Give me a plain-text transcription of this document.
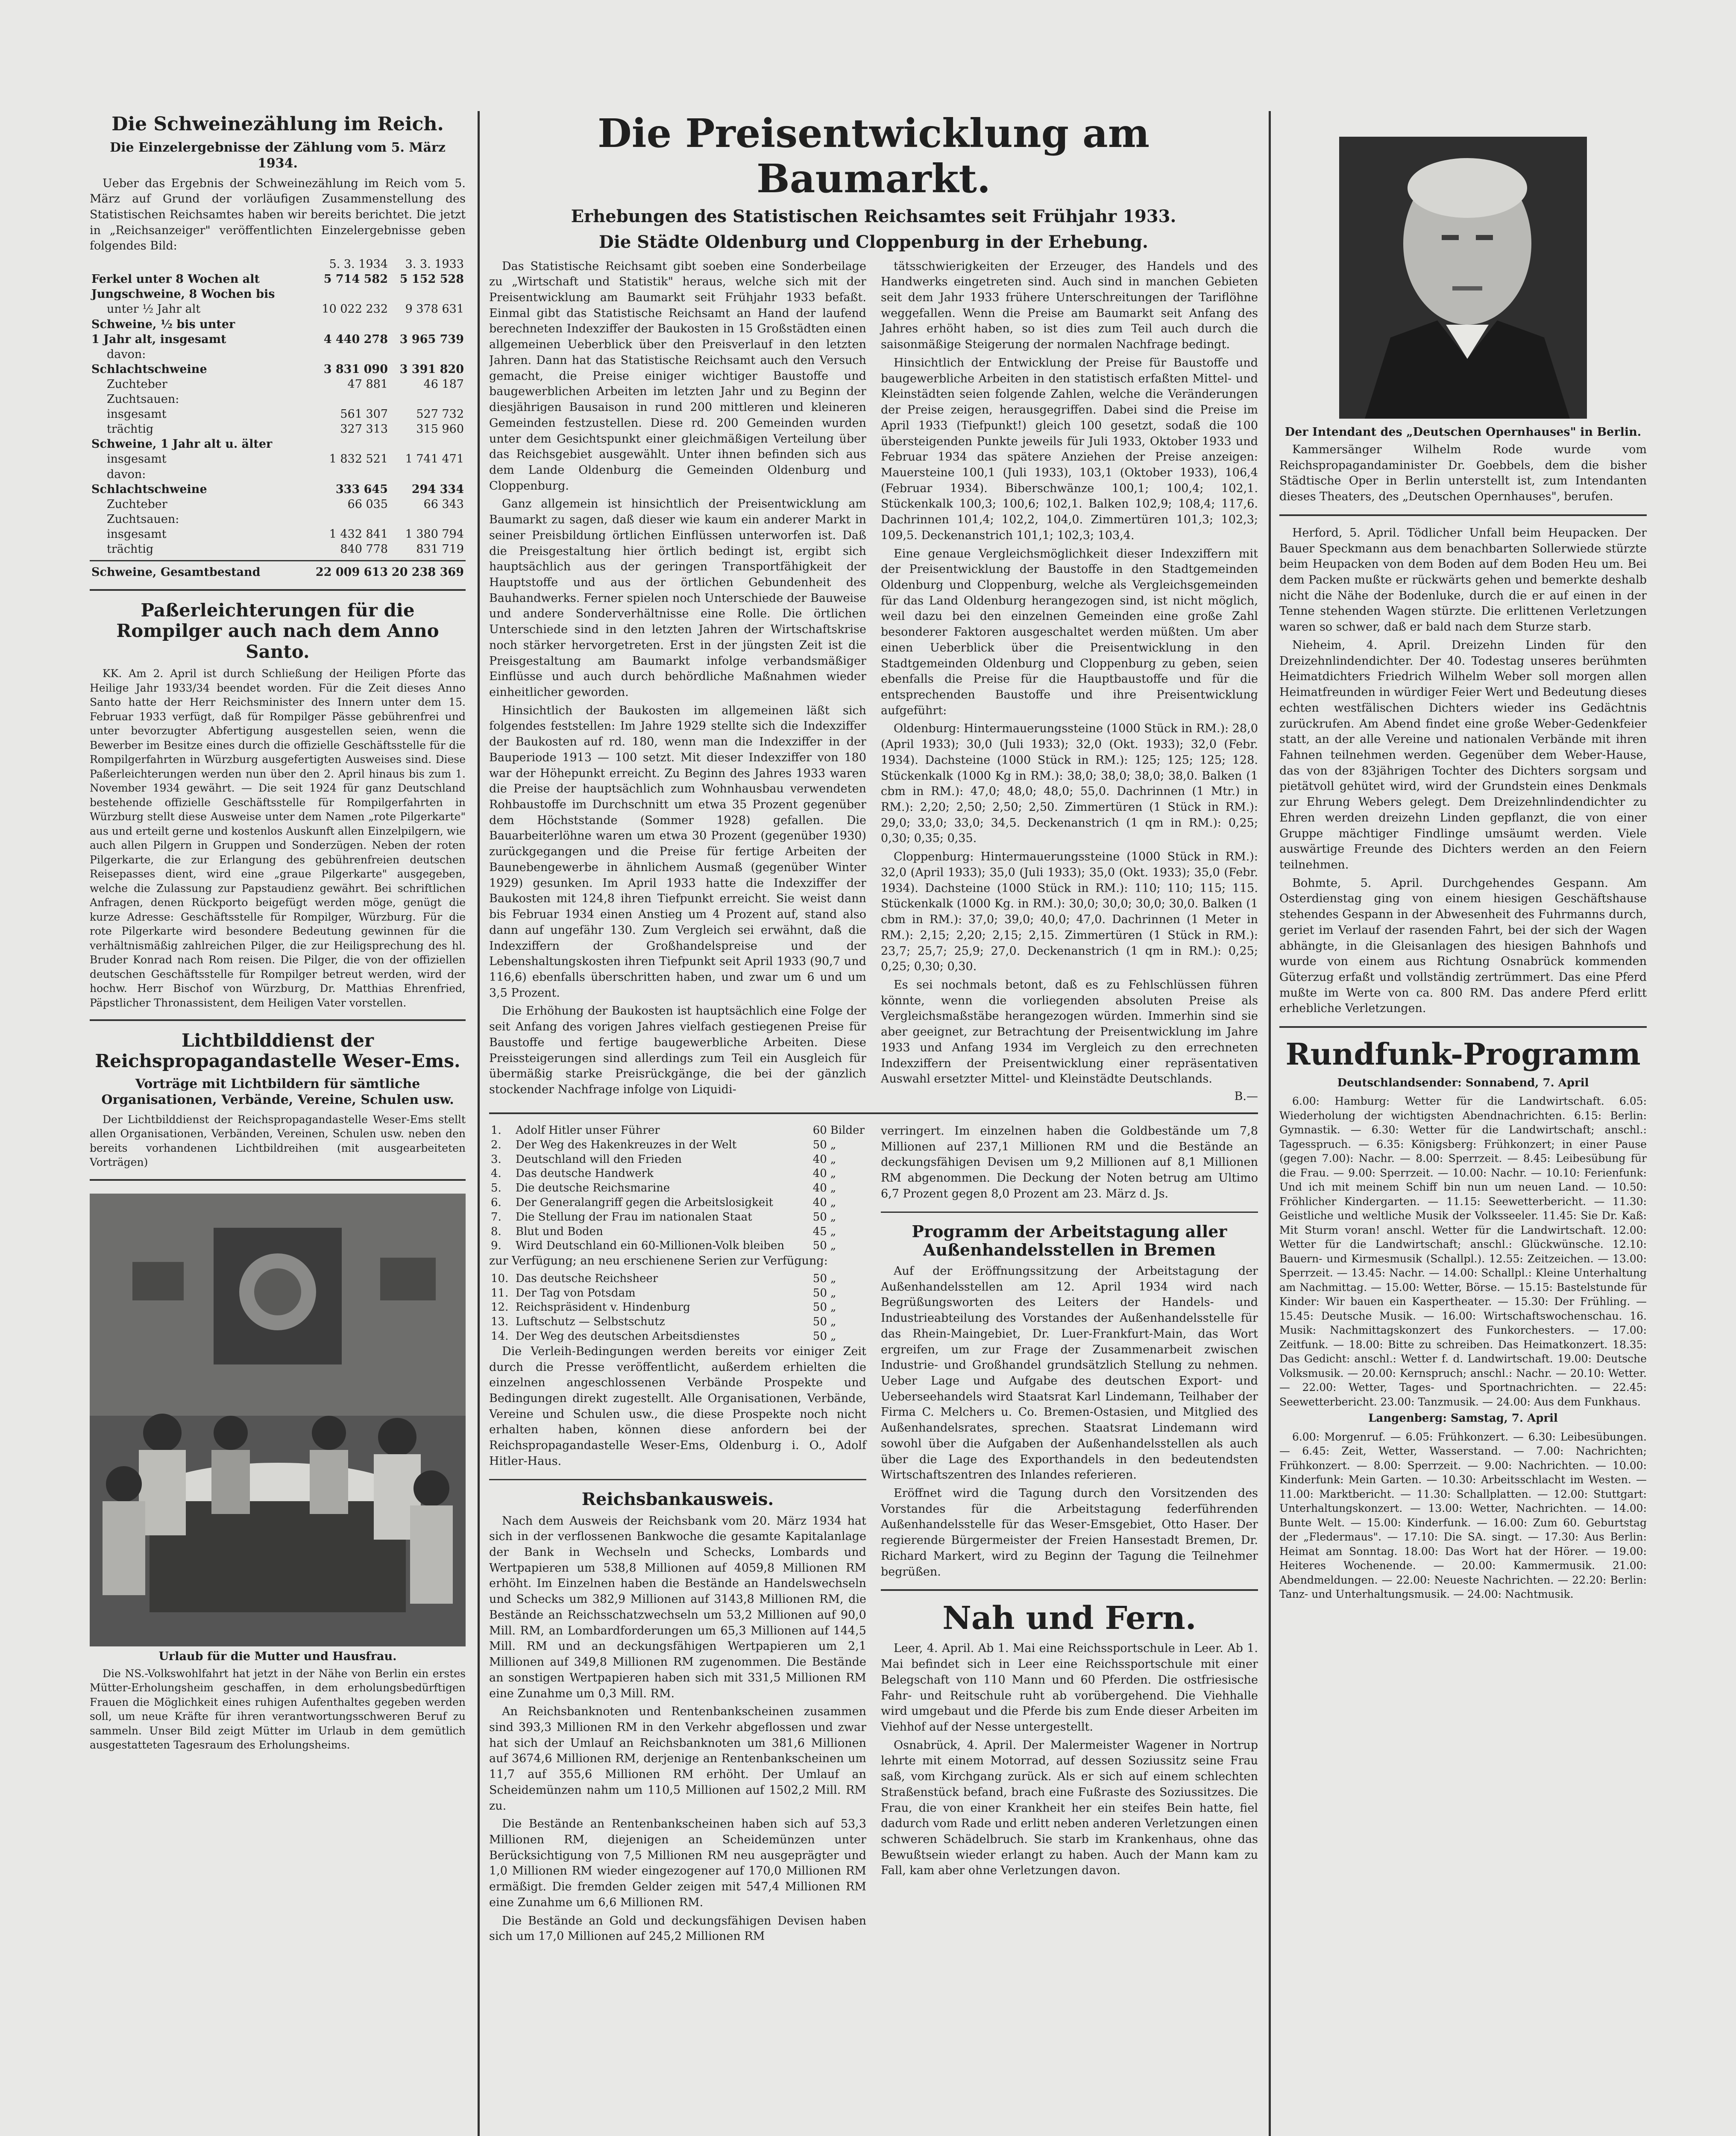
Die Schweinezählung im Reich.
Die Einzelergebnisse der Zählung vom 5. März 1934.

Ueber das Ergebnis der Schweinezählung im Reich vom 5. März auf Grund der vorläufigen Zusammenstellung des Statistischen Reichsamtes haben wir bereits berichtet. Die jetzt in „Reichsanzeiger" veröffentlichten Einzelergebnisse geben folgendes Bild:

	5. 3. 1934	3. 3. 1933
Ferkel unter 8 Wochen alt	5 714 582	5 152 528
Jungschweine, 8 Wochen bis		
unter ½ Jahr alt	10 022 232	9 378 631
Schweine, ½ bis unter		
1 Jahr alt, insgesamt	4 440 278	3 965 739
davon:		
Schlachtschweine	3 831 090	3 391 820
Zuchteber	47 881	46 187
Zuchtsauen:		
insgesamt	561 307	527 732
trächtig	327 313	315 960
Schweine, 1 Jahr alt u. älter		
insgesamt	1 832 521	1 741 471
davon:		
Schlachtschweine	333 645	294 334
Zuchteber	66 035	66 343
Zuchtsauen:		
insgesamt	1 432 841	1 380 794
trächtig	840 778	831 719
Schweine, Gesamtbestand	22 009 613	20 238 369
Paßerleichterungen für die Rompilger auch nach dem Anno Santo.

KK. Am 2. April ist durch Schließung der Heiligen Pforte das Heilige Jahr 1933/34 beendet worden. Für die Zeit dieses Anno Santo hatte der Herr Reichsminister des Innern unter dem 15. Februar 1933 verfügt, daß für Rompilger Pässe gebührenfrei und unter bevorzugter Abfertigung ausgestellen seien, wenn die Bewerber im Besitze eines durch die offizielle Geschäftsstelle für die Rompilgerfahrten in Würzburg ausgefertigten Ausweises sind. Diese Paßerleichterungen werden nun über den 2. April hinaus bis zum 1. November 1934 gewährt. — Die seit 1924 für ganz Deutschland bestehende offizielle Geschäftsstelle für Rompilgerfahrten in Würzburg stellt diese Ausweise unter dem Namen „rote Pilgerkarte" aus und erteilt gerne und kostenlos Auskunft allen Einzelpilgern, wie auch allen Pilgern in Gruppen und Sonderzügen. Neben der roten Pilgerkarte, die zur Erlangung des gebührenfreien deutschen Reisepasses dient, wird eine „graue Pilgerkarte" ausgegeben, welche die Zulassung zur Papstaudienz gewährt. Bei schriftlichen Anfragen, denen Rückporto beigefügt werden möge, genügt die kurze Adresse: Geschäftsstelle für Rompilger, Würzburg. Für die rote Pilgerkarte wird besondere Bedeutung gewinnen für die verhältnismäßig zahlreichen Pilger, die zur Heiligsprechung des hl. Bruder Konrad nach Rom reisen. Die Pilger, die von der offiziellen deutschen Geschäftsstelle für Rompilger betreut werden, wird der hochw. Herr Bischof von Würzburg, Dr. Matthias Ehrenfried, Päpstlicher Thronassistent, dem Heiligen Vater vorstellen.

Lichtbilddienst der Reichspropagandastelle Weser-Ems.
Vorträge mit Lichtbildern für sämtliche Organisationen, Verbände, Vereine, Schulen usw.

Der Lichtbilddienst der Reichspropagandastelle Weser-Ems stellt allen Organisationen, Verbänden, Vereinen, Schulen usw. neben den bereits vorhandenen Lichtbildreihen (mit ausgearbeiteten Vorträgen)

Urlaub für die Mutter und Hausfrau.

Die NS.-Volkswohlfahrt hat jetzt in der Nähe von Berlin ein erstes Mütter-Erholungsheim geschaffen, in dem erholungsbedürftigen Frauen die Möglichkeit eines ruhigen Aufenthaltes gegeben werden soll, um neue Kräfte für ihren verantwortungsschweren Beruf zu sammeln. Unser Bild zeigt Mütter im Urlaub in dem gemütlich ausgestatteten Tagesraum des Erholungsheims.

Die Preisentwicklung am Baumarkt.
Erhebungen des Statistischen Reichsamtes seit Frühjahr 1933.
Die Städte Oldenburg und Cloppenburg in der Erhebung.

Das Statistische Reichsamt gibt soeben eine Sonderbeilage zu „Wirtschaft und Statistik" heraus, welche sich mit der Preisentwicklung am Baumarkt seit Frühjahr 1933 befaßt. Einmal gibt das Statistische Reichsamt an Hand der laufend berechneten Indexziffer der Baukosten in 15 Großstädten einen allgemeinen Ueberblick über den Preisverlauf in den letzten Jahren. Dann hat das Statistische Reichsamt auch den Versuch gemacht, die Preise einiger wichtiger Baustoffe und baugewerblichen Arbeiten im letzten Jahr und zu Beginn der diesjährigen Bausaison in rund 200 mittleren und kleineren Gemeinden festzustellen. Diese rd. 200 Gemeinden wurden unter dem Gesichtspunkt einer gleichmäßigen Verteilung über das Reichsgebiet ausgewählt. Unter ihnen befinden sich aus dem Lande Oldenburg die Gemeinden Oldenburg und Cloppenburg.

Ganz allgemein ist hinsichtlich der Preisentwicklung am Baumarkt zu sagen, daß dieser wie kaum ein anderer Markt in seiner Preisbildung örtlichen Einflüssen unterworfen ist. Daß die Preisgestaltung hier örtlich bedingt ist, ergibt sich hauptsächlich aus der geringen Transportfähigkeit der Hauptstoffe und aus der örtlichen Gebundenheit des Bauhandwerks. Ferner spielen noch Unterschiede der Bauweise und andere Sonderverhältnisse eine Rolle. Die örtlichen Unterschiede sind in den letzten Jahren der Wirtschaftskrise noch stärker hervorgetreten. Erst in der jüngsten Zeit ist die Preisgestaltung am Baumarkt infolge verbandsmäßiger Einflüsse und auch durch behördliche Maßnahmen wieder einheitlicher geworden.

Hinsichtlich der Baukosten im allgemeinen läßt sich folgendes feststellen: Im Jahre 1929 stellte sich die Indexziffer der Baukosten auf rd. 180, wenn man die Indexziffer in der Bauperiode 1913 — 100 setzt. Mit dieser Indexziffer von 180 war der Höhepunkt erreicht. Zu Beginn des Jahres 1933 waren die Preise der hauptsächlich zum Wohnhausbau verwendeten Rohbaustoffe im Durchschnitt um etwa 35 Prozent gegenüber dem Höchststande (Sommer 1928) gefallen. Die Bauarbeiterlöhne waren um etwa 30 Prozent (gegenüber 1930) zurückgegangen und die Preise für fertige Arbeiten der Baunebengewerbe in ähnlichem Ausmaß (gegenüber Winter 1929) gesunken. Im April 1933 hatte die Indexziffer der Baukosten mit 124,8 ihren Tiefpunkt erreicht. Sie weist dann bis Februar 1934 einen Anstieg um 4 Prozent auf, stand also dann auf ungefähr 130. Zum Vergleich sei erwähnt, daß die Indexziffern der Großhandelspreise und der Lebenshaltungskosten ihren Tiefpunkt seit April 1933 (90,7 und 116,6) ebenfalls überschritten haben, und zwar um 6 und um 3,5 Prozent.

Die Erhöhung der Baukosten ist hauptsächlich eine Folge der seit Anfang des vorigen Jahres vielfach gestiegenen Preise für Baustoffe und fertige baugewerbliche Arbeiten. Diese Preissteigerungen sind allerdings zum Teil ein Ausgleich für übermäßig starke Preisrückgänge, die bei der gänzlich stockender Nachfrage infolge von Liquidi-

tätsschwierigkeiten der Erzeuger, des Handels und des Handwerks eingetreten sind. Auch sind in manchen Gebieten seit dem Jahr 1933 frühere Unterschreitungen der Tariflöhne weggefallen. Wenn die Preise am Baumarkt seit Anfang des Jahres erhöht haben, so ist dies zum Teil auch durch die saisonmäßige Steigerung der normalen Nachfrage bedingt.

Hinsichtlich der Entwicklung der Preise für Baustoffe und baugewerbliche Arbeiten in den statistisch erfaßten Mittel- und Kleinstädten seien folgende Zahlen, welche die Veränderungen der Preise zeigen, herausgegriffen. Dabei sind die Preise im April 1933 (Tiefpunkt!) gleich 100 gesetzt, sodaß die 100 übersteigenden Punkte jeweils für Juli 1933, Oktober 1933 und Februar 1934 das spätere Anziehen der Preise anzeigen: Mauersteine 100,1 (Juli 1933), 103,1 (Oktober 1933), 106,4 (Februar 1934). Biberschwänze 100,1; 100,4; 102,1. Stückenkalk 100,3; 100,6; 102,1. Balken 102,9; 108,4; 117,6. Dachrinnen 101,4; 102,2, 104,0. Zimmertüren 101,3; 102,3; 109,5. Deckenanstrich 101,1; 102,3; 103,4.

Eine genaue Vergleichsmöglichkeit dieser Indexziffern mit der Preisentwicklung der Baustoffe in den Stadtgemeinden Oldenburg und Cloppenburg, welche als Vergleichsgemeinden für das Land Oldenburg herangezogen sind, ist nicht möglich, weil dazu bei den einzelnen Gemeinden eine große Zahl besonderer Faktoren ausgeschaltet werden müßten. Um aber einen Ueberblick über die Preisentwicklung in den Stadtgemeinden Oldenburg und Cloppenburg zu geben, seien ebenfalls die Preise für die Hauptbaustoffe und für die entsprechenden Baustoffe und ihre Preisentwicklung aufgeführt:

Oldenburg: Hintermauerungssteine (1000 Stück in RM.): 28,0 (April 1933); 30,0 (Juli 1933); 32,0 (Okt. 1933); 32,0 (Febr. 1934). Dachsteine (1000 Stück in RM.): 125; 125; 125; 128. Stückenkalk (1000 Kg in RM.): 38,0; 38,0; 38,0; 38,0. Balken (1 cbm in RM.): 47,0; 48,0; 48,0; 55,0. Dachrinnen (1 Mtr.) in RM.): 2,20; 2,50; 2,50; 2,50. Zimmertüren (1 Stück in RM.): 29,0; 33,0; 33,0; 34,5. Deckenanstrich (1 qm in RM.): 0,25; 0,30; 0,35; 0,35.

Cloppenburg: Hintermauerungssteine (1000 Stück in RM.): 32,0 (April 1933); 35,0 (Juli 1933); 35,0 (Okt. 1933); 35,0 (Febr. 1934). Dachsteine (1000 Stück in RM.): 110; 110; 115; 115. Stückenkalk (1000 Kg. in RM.): 30,0; 30,0; 30,0; 30,0. Balken (1 cbm in RM.): 37,0; 39,0; 40,0; 47,0. Dachrinnen (1 Meter in RM.): 2,15; 2,20; 2,15; 2,15. Zimmertüren (1 Stück in RM.): 23,7; 25,7; 25,9; 27,0. Deckenanstrich (1 qm in RM.): 0,25; 0,25; 0,30; 0,30.

Es sei nochmals betont, daß es zu Fehlschlüssen führen könnte, wenn die vorliegenden absoluten Preise als Vergleichsmaßstäbe herangezogen würden. Immerhin sind sie aber geeignet, zur Betrachtung der Preisentwicklung im Jahre 1933 und Anfang 1934 im Vergleich zu den errechneten Indexziffern der Preisentwicklung einer repräsentativen Auswahl ersetzter Mittel- und Kleinstädte Deutschlands.

B.—
1.	Adolf Hitler unser Führer	60	Bilder
2.	Der Weg des Hakenkreuzes in der Welt	50	„
3.	Deutschland will den Frieden	40	„
4.	Das deutsche Handwerk	40	„
5.	Die deutsche Reichsmarine	40	„
6.	Der Generalangriff gegen die Arbeitslosigkeit	40	„
7.	Die Stellung der Frau im nationalen Staat	50	„
8.	Blut und Boden	45	„
9.	Wird Deutschland ein 60-Millionen-Volk bleiben	50	„

zur Verfügung; an neu erschienene Serien zur Verfügung:

10.	Das deutsche Reichsheer	50	„
11.	Der Tag von Potsdam	50	„
12.	Reichspräsident v. Hindenburg	50	„
13.	Luftschutz — Selbstschutz	50	„
14.	Der Weg des deutschen Arbeitsdienstes	50	„

Die Verleih-Bedingungen werden bereits vor einiger Zeit durch die Presse veröffentlicht, außerdem erhielten die einzelnen angeschlossenen Verbände Prospekte und Bedingungen direkt zugestellt. Alle Organisationen, Verbände, Vereine und Schulen usw., die diese Prospekte noch nicht erhalten haben, können diese anfordern bei der Reichspropagandastelle Weser-Ems, Oldenburg i. O., Adolf Hitler-Haus.

Reichsbankausweis.

Nach dem Ausweis der Reichsbank vom 20. März 1934 hat sich in der verflossenen Bankwoche die gesamte Kapitalanlage der Bank in Wechseln und Schecks, Lombards und Wertpapieren um 538,8 Millionen auf 4059,8 Millionen RM erhöht. Im Einzelnen haben die Bestände an Handelswechseln und Schecks um 382,9 Millionen auf 3143,8 Millionen RM, die Bestände an Reichsschatzwechseln um 53,2 Millionen auf 90,0 Mill. RM, an Lombardforderungen um 65,3 Millionen auf 144,5 Mill. RM und an deckungsfähigen Wertpapieren um 2,1 Millionen auf 349,8 Millionen RM zugenommen. Die Bestände an sonstigen Wertpapieren haben sich mit 331,5 Millionen RM eine Zunahme um 0,3 Mill. RM.

An Reichsbanknoten und Rentenbankscheinen zusammen sind 393,3 Millionen RM in den Verkehr abgeflossen und zwar hat sich der Umlauf an Reichsbanknoten um 381,6 Millionen auf 3674,6 Millionen RM, derjenige an Rentenbankscheinen um 11,7 auf 355,6 Millionen RM erhöht. Der Umlauf an Scheidemünzen nahm um 110,5 Millionen auf 1502,2 Mill. RM zu.

Die Bestände an Rentenbankscheinen haben sich auf 53,3 Millionen RM, diejenigen an Scheidemünzen unter Berücksichtigung von 7,5 Millionen RM neu ausgeprägter und 1,0 Millionen RM wieder eingezogener auf 170,0 Millionen RM ermäßigt. Die fremden Gelder zeigen mit 547,4 Millionen RM eine Zunahme um 6,6 Millionen RM.

Die Bestände an Gold und deckungsfähigen Devisen haben sich um 17,0 Millionen auf 245,2 Millionen RM

verringert. Im einzelnen haben die Goldbestände um 7,8 Millionen auf 237,1 Millionen RM und die Bestände an deckungsfähigen Devisen um 9,2 Millionen auf 8,1 Millionen RM abgenommen. Die Deckung der Noten betrug am Ultimo 6,7 Prozent gegen 8,0 Prozent am 23. März d. Js.

Programm der Arbeitstagung aller Außenhandelsstellen in Bremen

Auf der Eröffnungssitzung der Arbeitstagung der Außenhandelsstellen am 12. April 1934 wird nach Begrüßungsworten des Leiters der Handels- und Industrieabteilung des Vorstandes der Außenhandelsstelle für das Rhein-Maingebiet, Dr. Luer-Frankfurt-Main, das Wort ergreifen, um zur Frage der Zusammenarbeit zwischen Industrie- und Großhandel grundsätzlich Stellung zu nehmen. Ueber Lage und Aufgabe des deutschen Export- und Ueberseehandels wird Staatsrat Karl Lindemann, Teilhaber der Firma C. Melchers u. Co. Bremen-Ostasien, und Mitglied des Außenhandelsrates, sprechen. Staatsrat Lindemann wird sowohl über die Aufgaben der Außenhandelsstellen als auch über die Lage des Exporthandels in den bedeutendsten Wirtschaftszentren des Inlandes referieren.

Eröffnet wird die Tagung durch den Vorsitzenden des Vorstandes für die Arbeitstagung federführenden Außenhandelsstelle für das Weser-Emsgebiet, Otto Haser. Der regierende Bürgermeister der Freien Hansestadt Bremen, Dr. Richard Markert, wird zu Beginn der Tagung die Teilnehmer begrüßen.

Nah und Fern.

Leer, 4. April. Ab 1. Mai eine Reichssportschule in Leer. Ab 1. Mai befindet sich in Leer eine Reichssportschule mit einer Belegschaft von 110 Mann und 60 Pferden. Die ostfriesische Fahr- und Reitschule ruht ab vorübergehend. Die Viehhalle wird umgebaut und die Pferde bis zum Ende dieser Arbeiten im Viehhof auf der Nesse untergestellt.

Osnabrück, 4. April. Der Malermeister Wagener in Nortrup lehrte mit einem Motorrad, auf dessen Soziussitz seine Frau saß, vom Kirchgang zurück. Als er sich auf einem schlechten Straßenstück befand, brach eine Fußraste des Soziussitzes. Die Frau, die von einer Krankheit her ein steifes Bein hatte, fiel dadurch vom Rade und erlitt neben anderen Verletzungen einen schweren Schädelbruch. Sie starb im Krankenhaus, ohne das Bewußtsein wieder erlangt zu haben. Auch der Mann kam zu Fall, kam aber ohne Verletzungen davon.

Der Intendant des „Deutschen Opernhauses" in Berlin.

Kammersänger Wilhelm Rode wurde vom Reichspropagandaminister Dr. Goebbels, dem die bisher Städtische Oper in Berlin unterstellt ist, zum Intendanten dieses Theaters, des „Deutschen Opernhauses", berufen.

Herford, 5. April. Tödlicher Unfall beim Heupacken. Der Bauer Speckmann aus dem benachbarten Sollerwiede stürzte beim Heupacken von dem Boden auf dem Boden Heu um. Bei dem Packen mußte er rückwärts gehen und bemerkte deshalb nicht die Nähe der Bodenluke, durch die er auf einen in der Tenne stehenden Wagen stürzte. Die erlittenen Verletzungen waren so schwer, daß er bald nach dem Sturze starb.

Nieheim, 4. April. Dreizehn Linden für den Dreizehnlindendichter. Der 40. Todestag unseres berühmten Heimatdichters Friedrich Wilhelm Weber soll morgen allen Heimatfreunden in würdiger Feier Wert und Bedeutung dieses echten westfälischen Dichters wieder ins Gedächtnis zurückrufen. Am Abend findet eine große Weber-Gedenkfeier statt, an der alle Vereine und nationalen Verbände mit ihren Fahnen teilnehmen werden. Gegenüber dem Weber-Hause, das von der 83jährigen Tochter des Dichters sorgsam und pietätvoll gehütet wird, wird der Grundstein eines Denkmals zur Ehrung Webers gelegt. Dem Dreizehnlindendichter zu Ehren werden dreizehn Linden gepflanzt, die von einer Gruppe mächtiger Findlinge umsäumt werden. Viele auswärtige Freunde des Dichters werden an den Feiern teilnehmen.

Bohmte, 5. April. Durchgehendes Gespann. Am Osterdienstag ging von einem hiesigen Geschäftshause stehendes Gespann in der Abwesenheit des Fuhrmanns durch, geriet im Verlauf der rasenden Fahrt, bei der sich der Wagen abhängte, in die Gleisanlagen des hiesigen Bahnhofs und wurde von einem aus Richtung Osnabrück kommenden Güterzug erfaßt und vollständig zertrümmert. Das eine Pferd mußte im Werte von ca. 800 RM. Das andere Pferd erlitt erhebliche Verletzungen.

Rundfunk-Programm
Deutschlandsender: Sonnabend, 7. April

6.00: Hamburg: Wetter für die Landwirtschaft. 6.05: Wiederholung der wichtigsten Abendnachrichten. 6.15: Berlin: Gymnastik. — 6.30: Wetter für die Landwirtschaft; anschl.: Tagesspruch. — 6.35: Königsberg: Frühkonzert; in einer Pause (gegen 7.00): Nachr. — 8.00: Sperrzeit. — 8.45: Leibesübung für die Frau. — 9.00: Sperrzeit. — 10.00: Nachr. — 10.10: Ferienfunk: Und ich mit meinem Schiff bin nun um neuen Land. — 10.50: Fröhlicher Kindergarten. — 11.15: Seewetterbericht. — 11.30: Geistliche und weltliche Musik der Volksseeler. 11.45: Sie Dr. Kaß: Mit Sturm voran! anschl. Wetter für die Landwirtschaft. 12.00: Wetter für die Landwirtschaft; anschl.: Glückwünsche. 12.10: Bauern- und Kirmesmusik (Schallpl.). 12.55: Zeitzeichen. — 13.00: Sperrzeit. — 13.45: Nachr. — 14.00: Schallpl.: Kleine Unterhaltung am Nachmittag. — 15.00: Wetter, Börse. — 15.15: Bastelstunde für Kinder: Wir bauen ein Kaspertheater. — 15.30: Der Frühling. — 15.45: Deutsche Musik. — 16.00: Wirtschaftswochenschau. 16. Musik: Nachmittagskonzert des Funkorchesters. — 17.00: Zeitfunk. — 18.00: Bitte zu schreiben. Das Heimatkonzert. 18.35: Das Gedicht: anschl.: Wetter f. d. Landwirtschaft. 19.00: Deutsche Volksmusik. — 20.00: Kernspruch; anschl.: Nachr. — 20.10: Wetter. — 22.00: Wetter, Tages- und Sportnachrichten. — 22.45: Seewetterbericht. 23.00: Tanzmusik. — 24.00: Aus dem Funkhaus.

Langenberg: Samstag, 7. April

6.00: Morgenruf. — 6.05: Frühkonzert. — 6.30: Leibesübungen. — 6.45: Zeit, Wetter, Wasserstand. — 7.00: Nachrichten; Frühkonzert. — 8.00: Sperrzeit. — 9.00: Nachrichten. — 10.00: Kinderfunk: Mein Garten. — 10.30: Arbeitsschlacht im Westen. — 11.00: Marktbericht. — 11.30: Schallplatten. — 12.00: Stuttgart: Unterhaltungskonzert. — 13.00: Wetter, Nachrichten. — 14.00: Bunte Welt. — 15.00: Kinderfunk. — 16.00: Zum 60. Geburtstag der „Fledermaus". — 17.10: Die SA. singt. — 17.30: Aus Berlin: Heimat am Sonntag. 18.00: Das Wort hat der Hörer. — 19.00: Heiteres Wochenende. — 20.00: Kammermusik. 21.00: Abendmeldungen. — 22.00: Neueste Nachrichten. — 22.20: Berlin: Tanz- und Unterhaltungsmusik. — 24.00: Nachtmusik.
